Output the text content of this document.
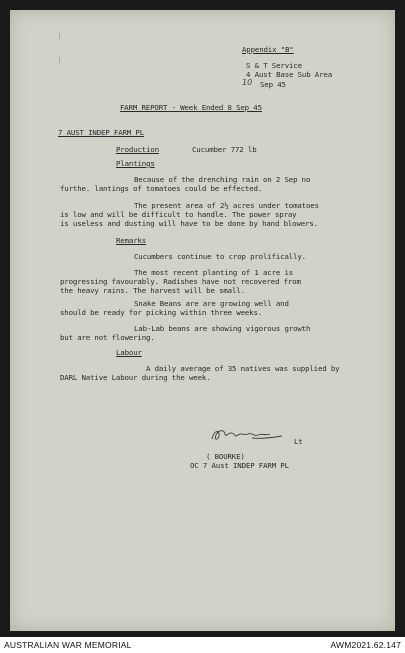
⋮
⋮
Appendix "B"
S & T Service
4 Aust Base Sub Area
10 Sep 45
FARM REPORT - Week Ended 8 Sep 45
7 AUST INDEP FARM PL
Production	Cucumber 772 lb
Plantings
Because of the drenching rain on 2 Sep no
furthe. lantings of tomatoes could be effected.
The present area of 2½ acres under tomatoes
is low and will be difficult to handle. The power spray
is useless and dusting will have to be done by hand blowers.
Remarks
Cucumbers continue to crop prolifically.
The most recent planting of 1 acre is
progressing favourably. Radishes have not recovered from
the heavy rains. The harvest will be small.
Snake Beans are are growing well and
should be ready for picking within three weeks.
Lab-Lab beans are showing vigorous growth
but are not flowering.
Labour
A daily average of 35 natives was supplied by
DARL Native Labour during the week.
Lt
( BOURKE)
OC 7 Aust INDEP FARM PL
AUSTRALIAN WAR MEMORIAL	AWM2021.62.147
